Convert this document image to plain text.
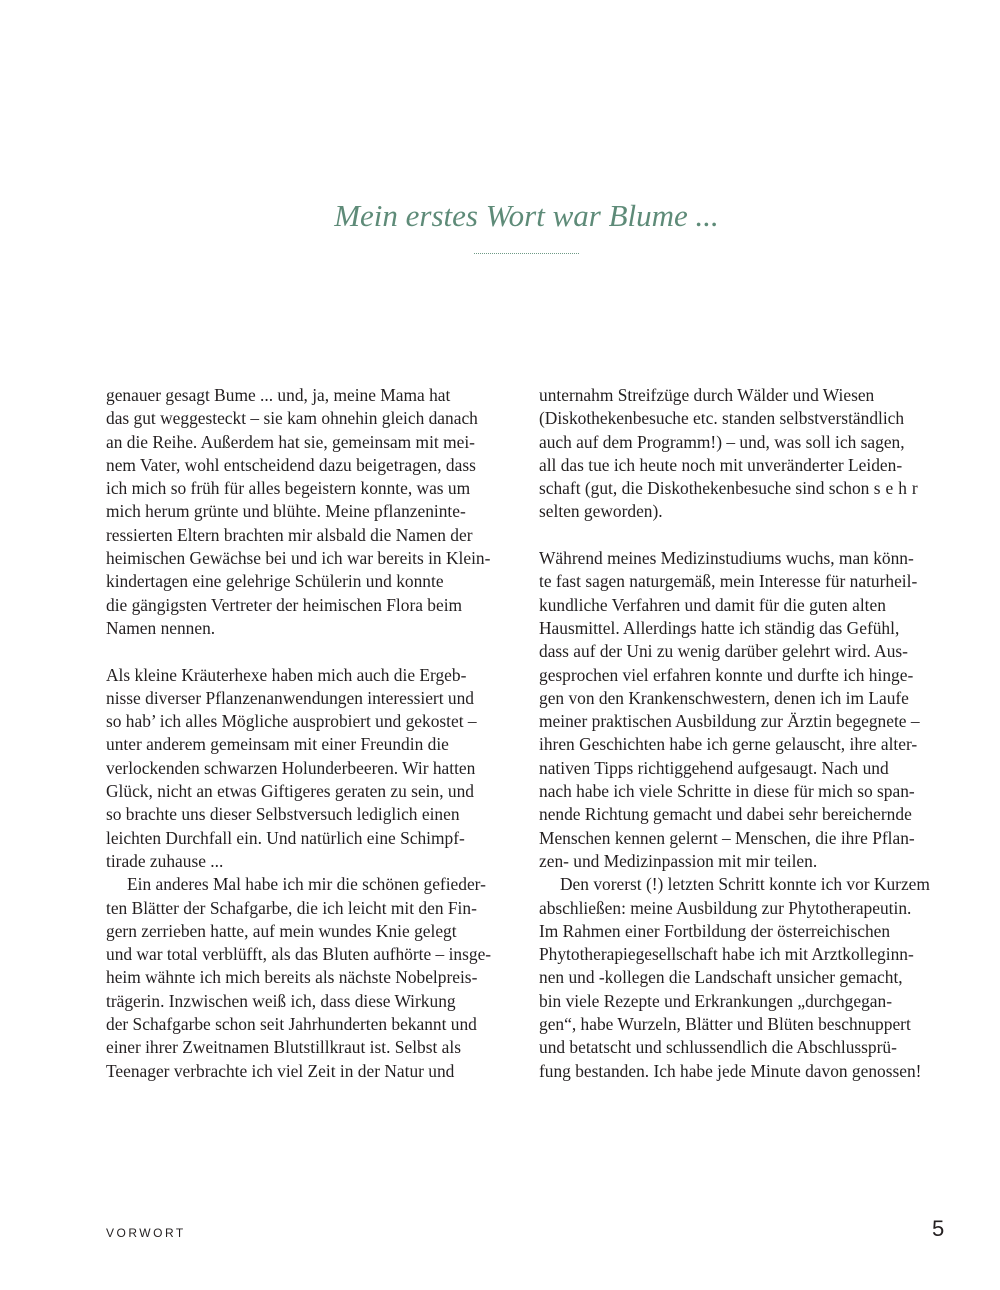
Mein erstes Wort war Blume ...
genauer gesagt Bume ... und, ja, meine Mama hat
das gut weggesteckt – sie kam ohnehin gleich danach
an die Reihe. Außerdem hat sie, gemeinsam mit mei-
nem Vater, wohl entscheidend dazu beigetragen, dass
ich mich so früh für alles begeistern konnte, was um
mich herum grünte und blühte. Meine pflanzeninte-
ressierten Eltern brachten mir alsbald die Namen der
heimischen Gewächse bei und ich war bereits in Klein-
kindertagen eine gelehrige Schülerin und konnte
die gängigsten Vertreter der heimischen Flora beim
Namen nennen.
Als kleine Kräuterhexe haben mich auch die Ergeb-
nisse diverser Pflanzenanwendungen interessiert und
so hab’ ich alles Mögliche ausprobiert und gekostet –
unter anderem gemeinsam mit einer Freundin die
verlockenden schwarzen Holunderbeeren. Wir hatten
Glück, nicht an etwas Giftigeres geraten zu sein, und
so brachte uns dieser Selbstversuch lediglich einen
leichten Durchfall ein. Und natürlich eine Schimpf-
tirade zuhause ...
Ein anderes Mal habe ich mir die schönen gefieder-
ten Blätter der Schafgarbe, die ich leicht mit den Fin-
gern zerrieben hatte, auf mein wundes Knie gelegt
und war total verblüfft, als das Bluten aufhörte – insge-
heim wähnte ich mich bereits als nächste Nobelpreis-
trägerin. Inzwischen weiß ich, dass diese Wirkung
der Schafgarbe schon seit Jahrhunderten bekannt und
einer ihrer Zweitnamen Blutstillkraut ist. Selbst als
Teenager verbrachte ich viel Zeit in der Natur und
unternahm Streifzüge durch Wälder und Wiesen
(Diskothekenbesuche etc. standen selbstverständlich
auch auf dem Programm!) – und, was soll ich sagen,
all das tue ich heute noch mit unveränderter Leiden-
schaft (gut, die Diskothekenbesuche sind schon sehr
selten geworden).
Während meines Medizinstudiums wuchs, man könn-
te fast sagen naturgemäß, mein Interesse für naturheil-
kundliche Verfahren und damit für die guten alten
Hausmittel. Allerdings hatte ich ständig das Gefühl,
dass auf der Uni zu wenig darüber gelehrt wird. Aus-
gesprochen viel erfahren konnte und durfte ich hinge-
gen von den Krankenschwestern, denen ich im Laufe
meiner praktischen Ausbildung zur Ärztin begegnete –
ihren Geschichten habe ich gerne gelauscht, ihre alter-
nativen Tipps richtiggehend aufgesaugt. Nach und
nach habe ich viele Schritte in diese für mich so span-
nende Richtung gemacht und dabei sehr bereichernde
Menschen kennen gelernt – Menschen, die ihre Pflan-
zen- und Medizinpassion mit mir teilen.
Den vorerst (!) letzten Schritt konnte ich vor Kurzem
abschließen: meine Ausbildung zur Phytotherapeutin.
Im Rahmen einer Fortbildung der österreichischen
Phytotherapiegesellschaft habe ich mit Arztkolleginn-
nen und -kollegen die Landschaft unsicher gemacht,
bin viele Rezepte und Erkrankungen „durchgegan-
gen“, habe Wurzeln, Blätter und Blüten beschnuppert
und betatscht und schlussendlich die Abschlussprü-
fung bestanden. Ich habe jede Minute davon genossen!
VORWORT	5
